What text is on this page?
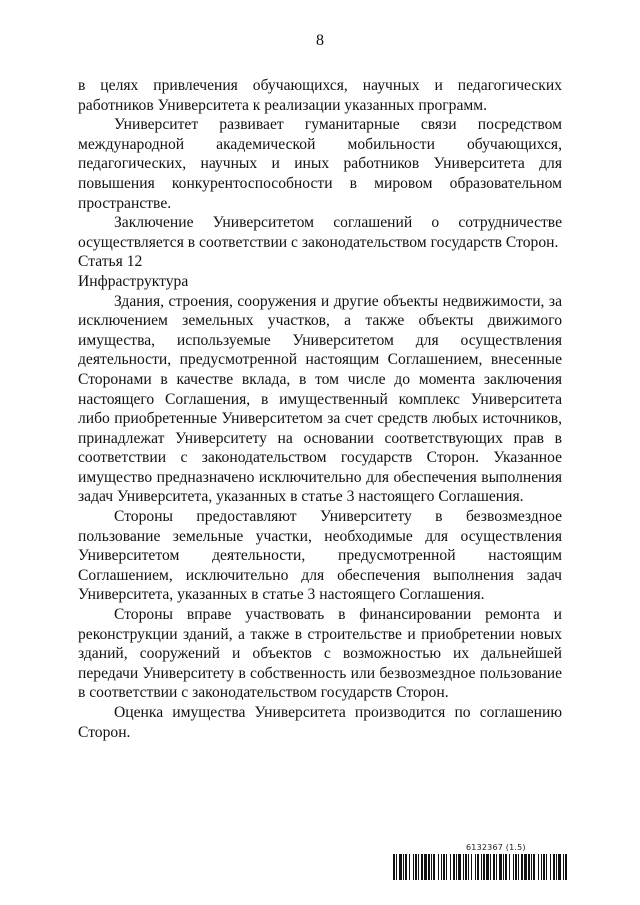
8

в целях привлечения обучающихся, научных и педагогических работников Университета к реализации указанных программ.

Университет развивает гуманитарные связи посредством международной академической мобильности обучающихся, педагогических, научных и иных работников Университета для повышения конкурентоспособности в мировом образовательном пространстве.

Заключение Университетом соглашений о сотрудничестве осуществляется в соответствии с законодательством государств Сторон.

Статья 12

Инфраструктура

Здания, строения, сооружения и другие объекты недвижимости, за исключением земельных участков, а также объекты движимого имущества, используемые Университетом для осуществления деятельности, предусмотренной настоящим Соглашением, внесенные Сторонами в качестве вклада, в том числе до момента заключения настоящего Соглашения, в имущественный комплекс Университета либо приобретенные Университетом за счет средств любых источников, принадлежат Университету на основании соответствующих прав в соответствии с законодательством государств Сторон. Указанное имущество предназначено исключительно для обеспечения выполнения задач Университета, указанных в статье 3 настоящего Соглашения.

Стороны предоставляют Университету в безвозмездное пользование земельные участки, необходимые для осуществления Университетом деятельности, предусмотренной настоящим Соглашением, исключительно для обеспечения выполнения задач Университета, указанных в статье 3 настоящего Соглашения.

Стороны вправе участвовать в финансировании ремонта и реконструкции зданий, а также в строительстве и приобретении новых зданий, сооружений и объектов с возможностью их дальнейшей передачи Университету в собственность или безвозмездное пользование в соответствии с законодательством государств Сторон.

Оценка имущества Университета производится по соглашению Сторон.

6132367 (1.5)
